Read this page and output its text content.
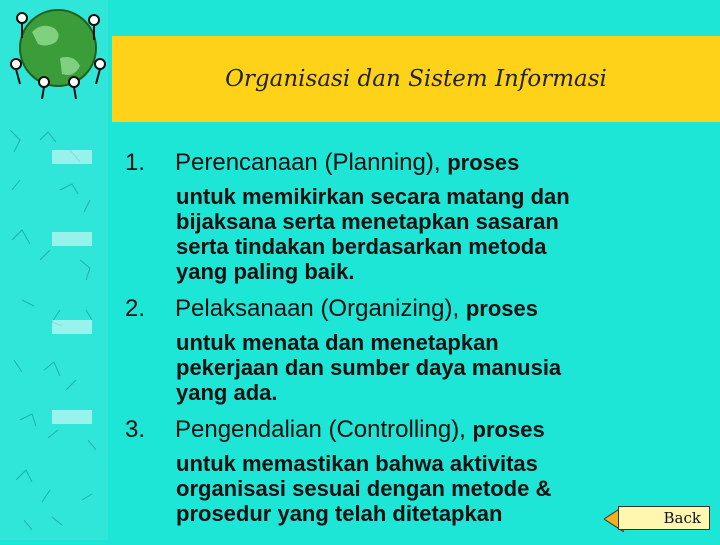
Organisasi dan Sistem Informasi
1. Perencanaan (Planning), proses
untuk memikirkan secara matang dan
bijaksana serta menetapkan sasaran
serta tindakan berdasarkan metoda
yang paling baik.
2. Pelaksanaan (Organizing), proses
untuk menata dan menetapkan
pekerjaan dan sumber daya manusia
yang ada.
3. Pengendalian (Controlling), proses
untuk memastikan bahwa aktivitas
organisasi sesuai dengan metode &
prosedur yang telah ditetapkan	Back
